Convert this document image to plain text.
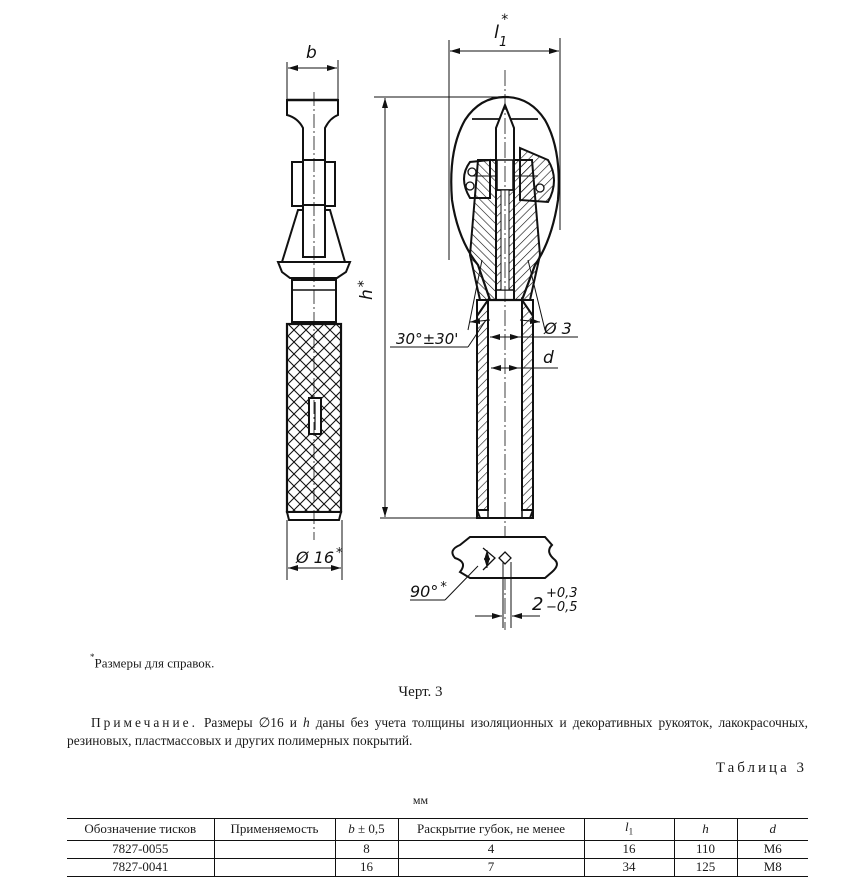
b
$l_1*$
h*
30°±30'
Ø 3
d
Ø 16 *
90° *
2
+0,3
−0,5
*Размеры для справок.
Черт. 3
Примечание. Размеры ∅16 и h даны без учета толщины изоляционных и декоративных рукояток, лакокрасочных, резиновых, пластмассовых и других полимерных покрытий.
Таблица 3
мм
Обозначение тисков	Применяемость	b ± 0,5	Раскрытие губок, не менее	$l_1$	h	d
7827-0055		8	4	16	110	М6
7827-0041		16	7	34	125	М8
